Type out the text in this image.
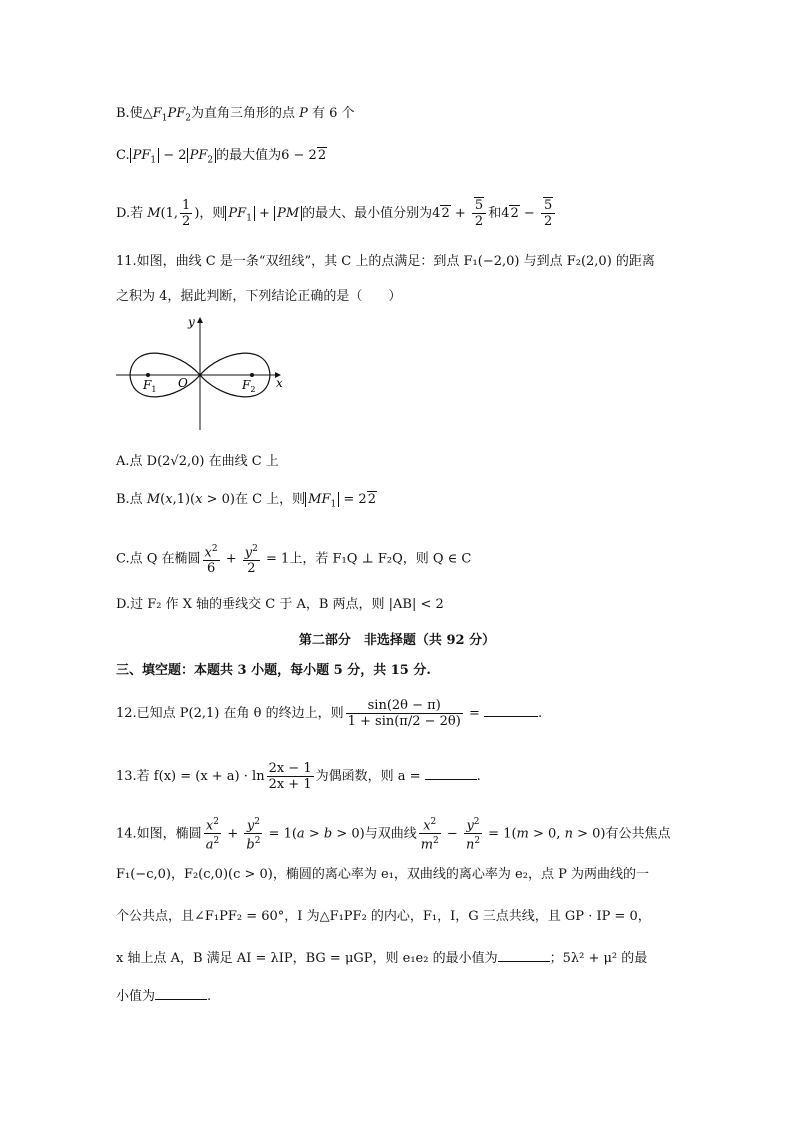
B.使$\triangle F_1PF_2$为直角三角形的点 P 有 6 个
C. $PF_1 - 2$ $PF_2$ 的最大值为6 − 22
D.若 M(1, $\frac{1}{2}$ )，则 $PF_1$ + PM 的最大、最小值分别为$42 + \frac{5}{2}$ 和$42 - \frac{5}{2}$
11.如图，曲线 C 是一条“双纽线”，其 C 上的点满足：到点 F₁(−2,0) 与到点 F₂(2,0) 的距离
之积为 4，据此判断，下列结论正确的是（　　）
y
x
O
$F_1$	$F_2$
A.点 D(2√2,0) 在曲线 C 上
B.点 M(x,1)(x > 0)在 C 上，则 $MF_1 = 22$
C.点 Q 在椭圆 $\frac{x^2}{6} + \frac{y^2}{2} = 1$上，若 F₁Q ⊥ F₂Q，则 Q ∈ C
D.过 F₂ 作 X 轴的垂线交 C 于 A，B 两点，则 |AB| < 2
第二部分　非选择题（共 92 分）
三、填空题：本题共 3 小题，每小题 5 分，共 15 分.
12.已知点 P(2,1) 在角 θ 的终边上，则 $\frac{\sin(2\theta - \pi)}{1 + \sin(\pi/2 - 2\theta)}$ =	.
13.若 $f(x) = (x + a) \cdot \ln \frac{2x - 1}{2x + 1}$ 为偶函数，则 a =	.
14.如图，椭圆 $\frac{x^2}{a^2} + \frac{y^2}{b^2} = 1(a > b > 0)$与双曲线 $\frac{x^2}{m^2} - \frac{y^2}{n^2} = 1(m > 0$, n > 0)有公共焦点
F₁(−c,0)，F₂(c,0)(c > 0)，椭圆的离心率为 e₁，双曲线的离心率为 e₂，点 P 为两曲线的一
个公共点，且∠F₁PF₂ = 60°，I 为△F₁PF₂ 的内心，F₁，I，G 三点共线，且 GP · IP = 0，
x 轴上点 A，B 满足 AI = λIP，BG = μGP，则 e₁e₂ 的最小值为	；5λ² + μ² 的最
小值为	.
